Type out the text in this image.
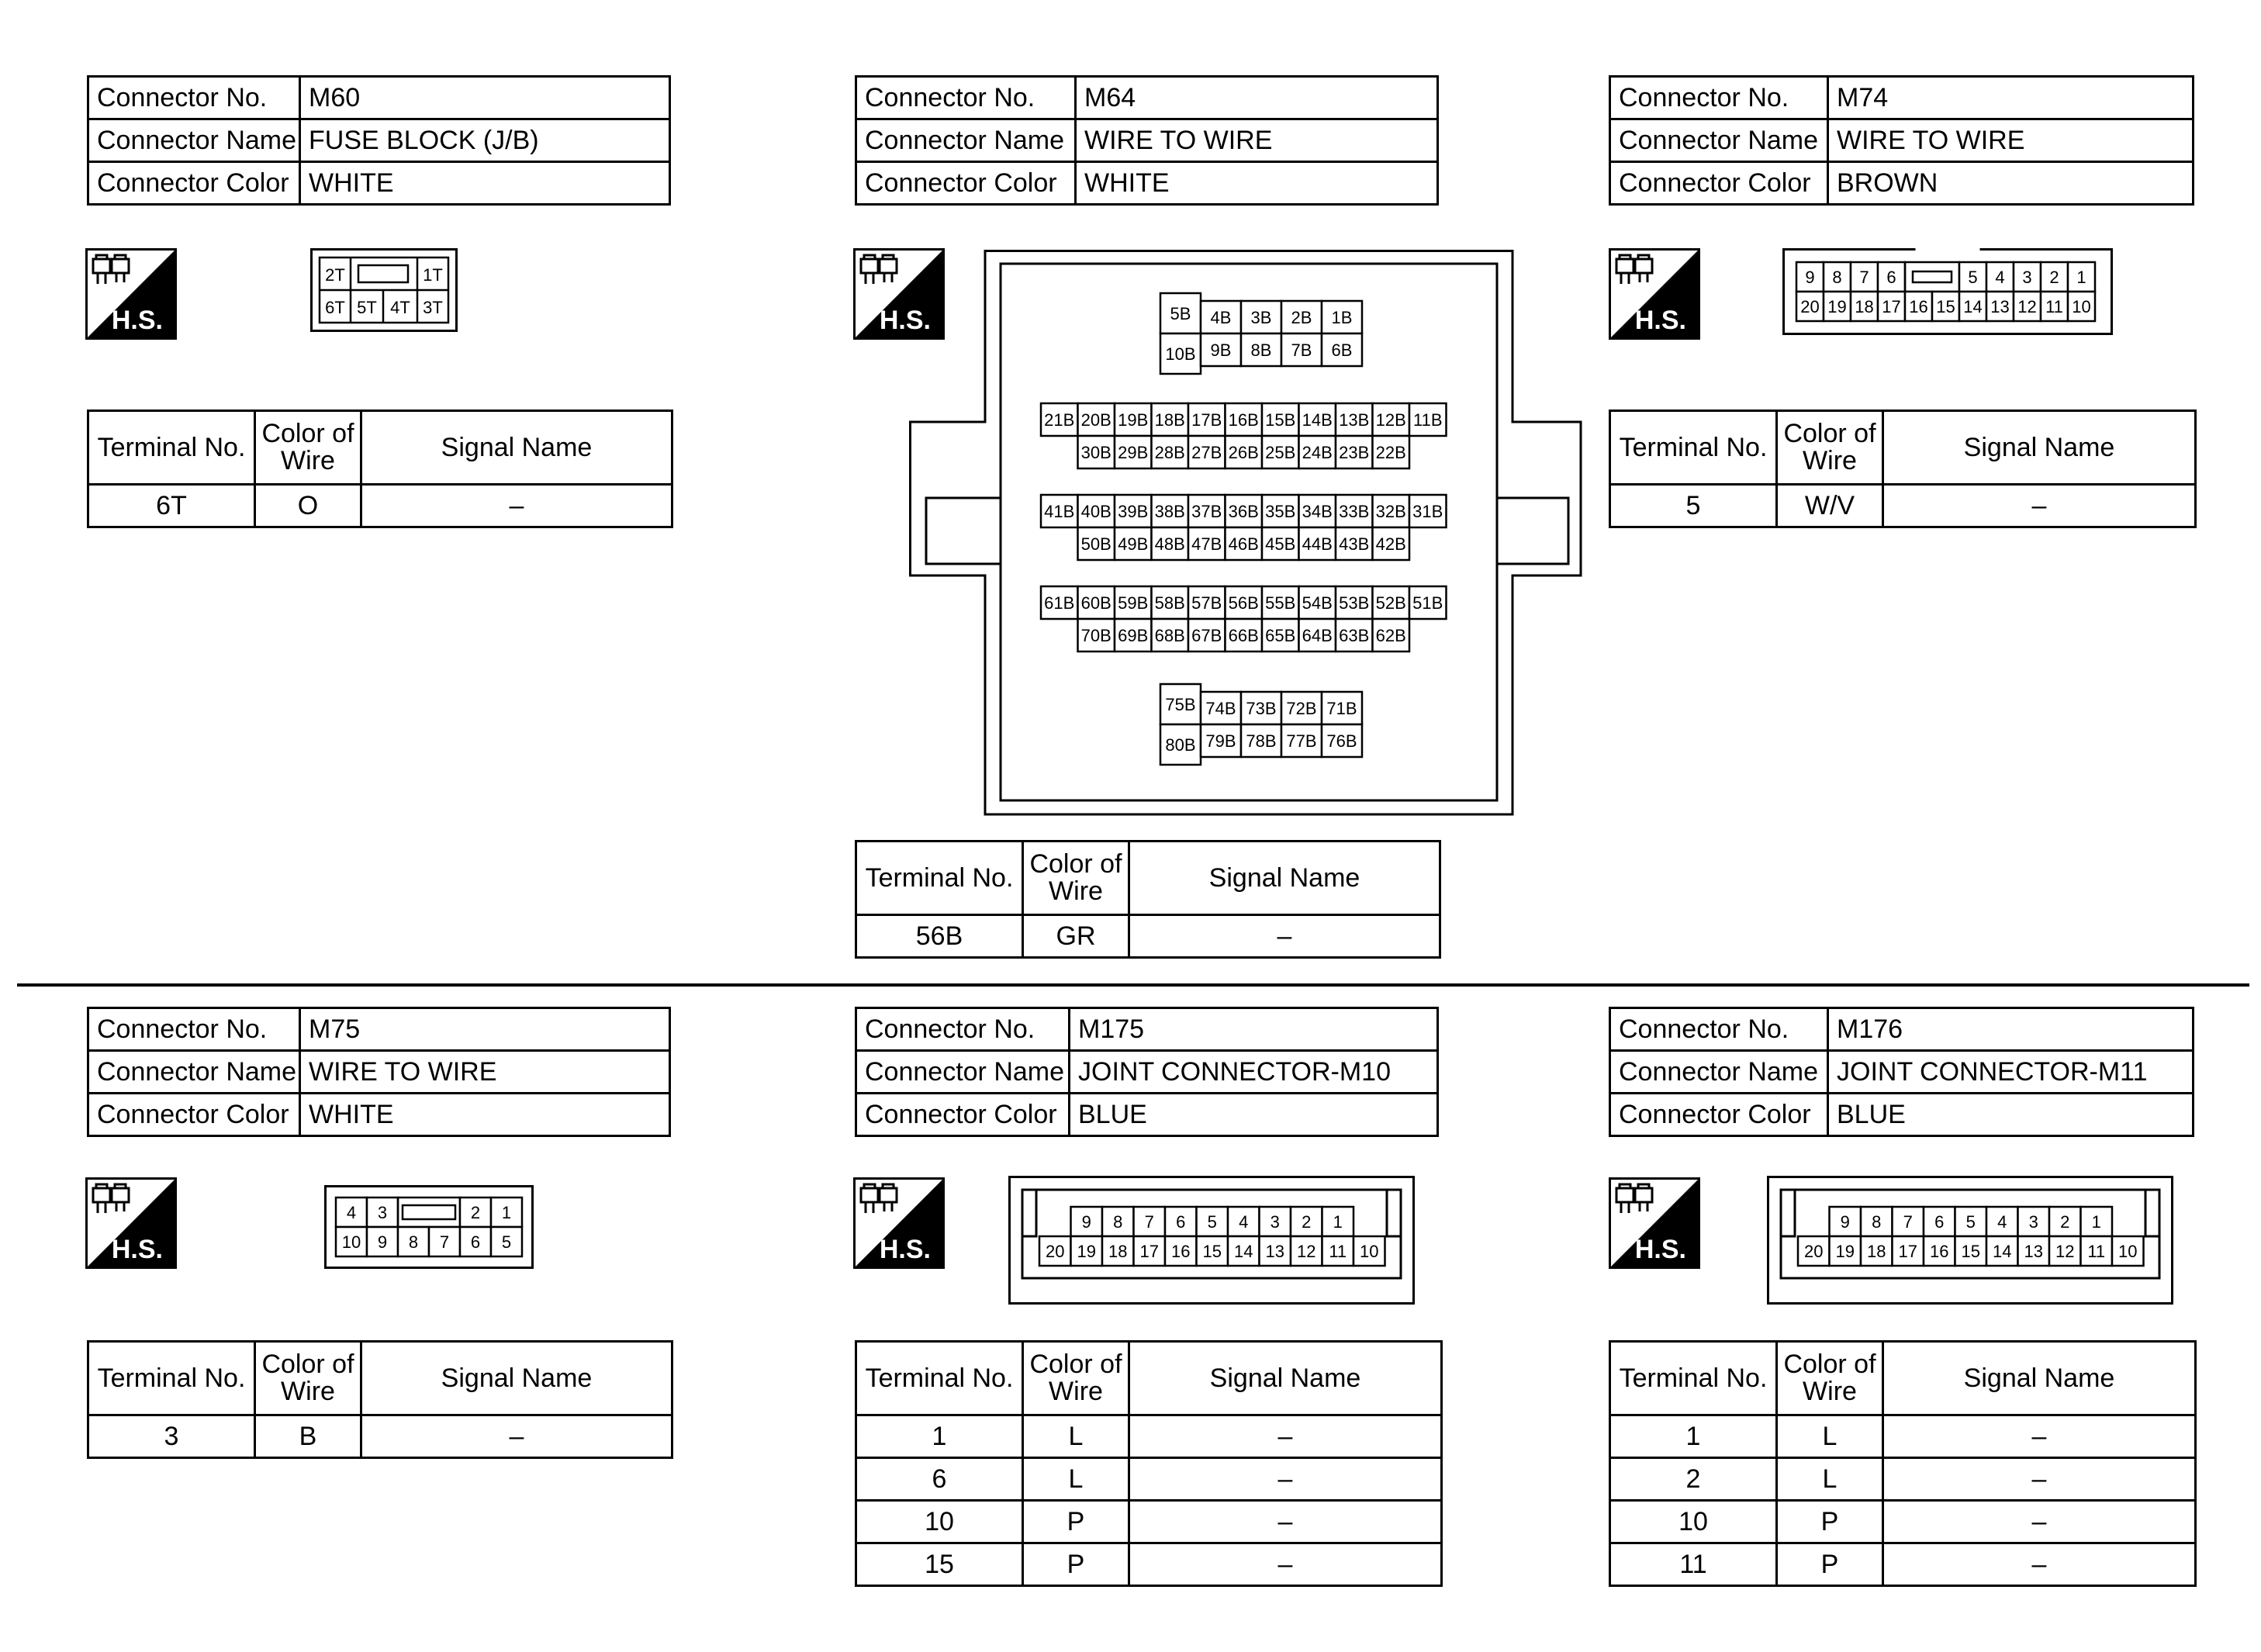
Connector No.	M60
Connector Name	FUSE BLOCK (J/B)
Connector Color	WHITE
H.S.
2T	1T
6T 5T 4T 3T
Terminal No.	Color of Wire	Signal Name
6T	O	–
Connector No.	M64
Connector Name	WIRE TO WIRE
Connector Color	WHITE
H.S.	5B
10B
4B 3B 2B 1B
9B 8B 7B 6B
21B 20B 19B 18B 17B 16B 15B 14B 13B 12B 11B
30B 29B 28B 27B 26B 25B 24B 23B 22B
41B 40B 39B 38B 37B 36B 35B 34B 33B 32B 31B
50B 49B 48B 47B 46B 45B 44B 43B 42B
61B 60B 59B 58B 57B 56B 55B 54B 53B 52B 51B
70B 69B 68B 67B 66B 65B 64B 63B 62B
75B
80B
74B 73B 72B 71B
79B 78B 77B 76B
Terminal No.	Color of Wire	Signal Name
56B	GR	–
Connector No.	M74
Connector Name	WIRE TO WIRE
Connector Color	BROWN
H.S.
9 8 7 6	5 4 3 2 1
20 19 18 17 16 15 14 13 12 11 10
Terminal No.	Color of Wire	Signal Name
5	W/V	–
Connector No.	M75
Connector Name	WIRE TO WIRE
Connector Color	WHITE
H.S.
4 3	2 1
10 9 8 7 6 5
Terminal No.	Color of Wire	Signal Name
3	B	–
Connector No.	M175
Connector Name	JOINT CONNECTOR-M10
Connector Color	BLUE
H.S.
9 8 7 6 5 4 3 2 1
20 19 18 17 16 15 14 13 12 11 10
Terminal No.	Color of Wire	Signal Name
1	L	–
6	L	–
10	P	–
15	P	–
Connector No.	M176
Connector Name	JOINT CONNECTOR-M11
Connector Color	BLUE
H.S.
9 8 7 6 5 4 3 2 1
20 19 18 17 16 15 14 13 12 11 10
Terminal No.	Color of Wire	Signal Name
1	L	–
2	L	–
10	P	–
11	P	–
